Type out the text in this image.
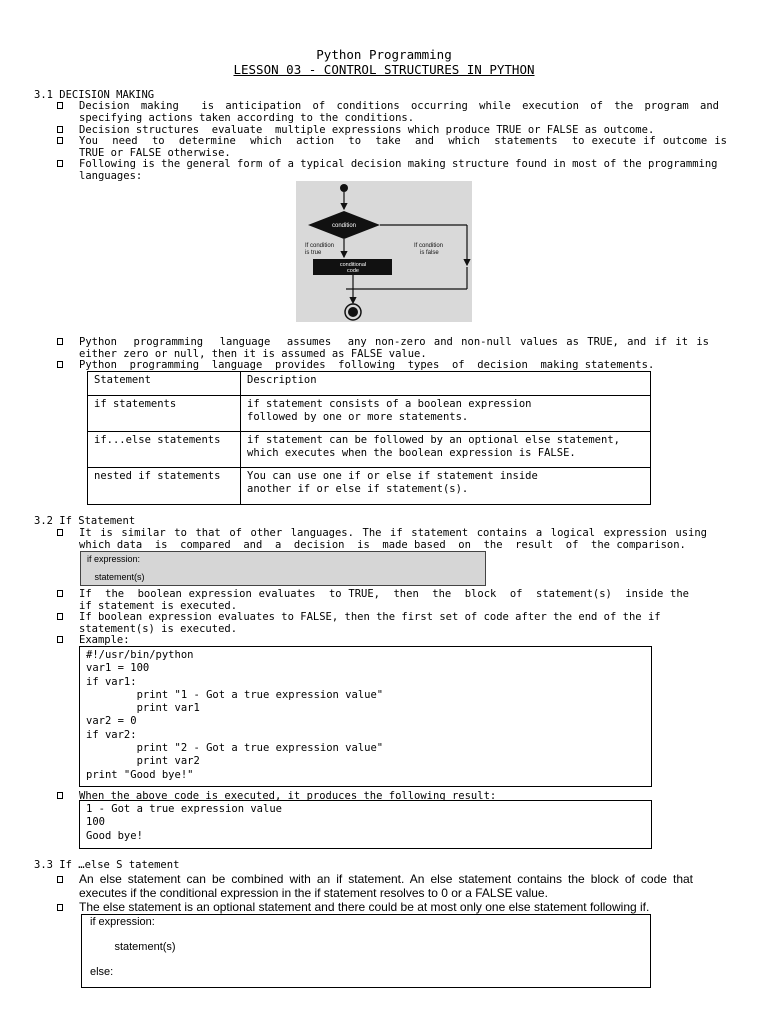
Python Programming
LESSON 03 - CONTROL STRUCTURES IN PYTHON
3.1 DECISION MAKING
Decision making  is anticipation of conditions occurring while execution of the program and specifying actions taken according to the conditions.
Decision structures  evaluate  multiple expressions which produce TRUE or FALSE as outcome.
You  need  to  determine  which  action  to  take  and  which  statements  to execute if outcome is TRUE or FALSE otherwise.
Following is the general form of a typical decision making structure found in most of the programming languages:
condition
If condition
is true
conditional
code
If condition
is false
Python  programming  language  assumes  any non-zero and non-null values as TRUE, and if it is either zero or null, then it is assumed as FALSE value.
Python  programming  language  provides  following  types  of  decision  making statements.
Statement	Description
if statements	if statement consists of a boolean expression followed by one or more statements.
if...else statements	if statement can be followed by an optional else statement, which executes when the boolean expression is FALSE.
nested if statements	You can use one if or else if statement inside another if or else if statement(s).
3.2 If Statement
It is similar to that of other languages. The if statement contains a logical expression using  which data  is  compared  and  a  decision  is  made based  on  the  result  of  the comparison.
if expression:
statement(s)
If  the  boolean expression evaluates  to TRUE,  then  the  block  of  statement(s)  inside the if statement is executed.
If boolean expression evaluates to FALSE, then the first set of code after the end of the if statement(s) is executed.
Example:
#!/usr/bin/python
var1 = 100
if var1:
print "1 - Got a true expression value"
print var1
var2 = 0
if var2:
print "2 - Got a true expression value"
print var2
print "Good bye!"
When the above code is executed, it produces the following result:
1 - Got a true expression value
100
Good bye!
3.3 If …else S tatement
An else statement can be combined with an if statement. An else statement contains the block of code that executes if the conditional expression in the if statement resolves to 0 or a FALSE value.
The else statement is an optional statement and there could be at most only one else statement following if.
if expression:
statement(s)
else:
